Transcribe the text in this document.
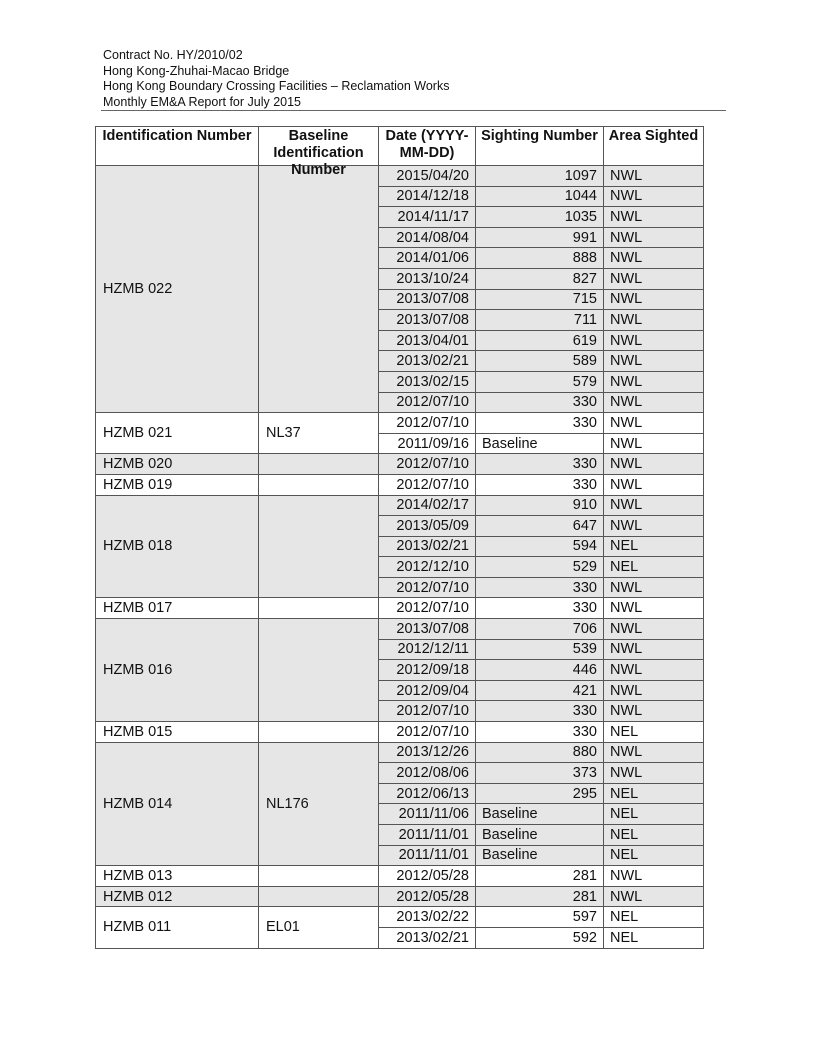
Contract No. HY/2010/02
Hong Kong-Zhuhai-Macao Bridge
Hong Kong Boundary Crossing Facilities – Reclamation Works
Monthly EM&A Report for July 2015
Identification Number	Baseline Identification Number	Date (YYYY-MM-DD)	Sighting Number	Area Sighted

HZMB 022		2015/04/20	1097	NWL
		2014/12/18	1044	NWL
		2014/11/17	1035	NWL
		2014/08/04	991	NWL
		2014/01/06	888	NWL
		2013/10/24	827	NWL
		2013/07/08	715	NWL
		2013/07/08	711	NWL
		2013/04/01	619	NWL
		2013/02/21	589	NWL
		2013/02/15	579	NWL
		2012/07/10	330	NWL
HZMB 021	NL37	2012/07/10	330	NWL
		2011/09/16	Baseline	NWL
HZMB 020		2012/07/10	330	NWL
HZMB 019		2012/07/10	330	NWL
HZMB 018		2014/02/17	910	NWL
		2013/05/09	647	NWL
		2013/02/21	594	NEL
		2012/12/10	529	NEL
		2012/07/10	330	NWL
HZMB 017		2012/07/10	330	NWL
HZMB 016		2013/07/08	706	NWL
		2012/12/11	539	NWL
		2012/09/18	446	NWL
		2012/09/04	421	NWL
		2012/07/10	330	NWL
HZMB 015		2012/07/10	330	NEL
HZMB 014	NL176	2013/12/26	880	NWL
		2012/08/06	373	NWL
		2012/06/13	295	NEL
		2011/11/06	Baseline	NEL
		2011/11/01	Baseline	NEL
		2011/11/01	Baseline	NEL
HZMB 013		2012/05/28	281	NWL
HZMB 012		2012/05/28	281	NWL
HZMB 011	EL01	2013/02/22	597	NEL
		2013/02/21	592	NEL
